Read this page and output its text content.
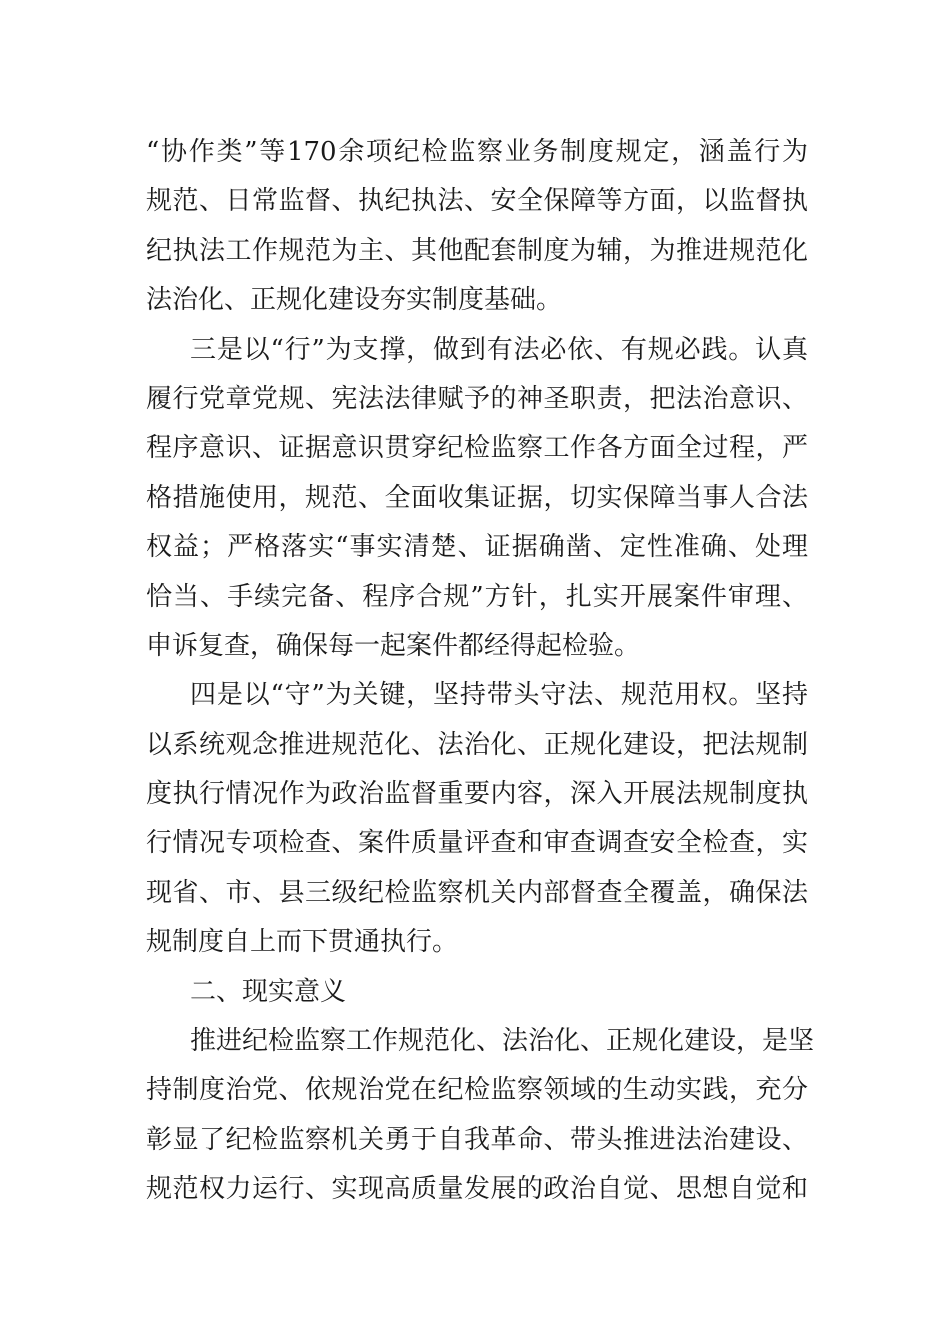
“协作类”等170余项纪检监察业务制度规定，涵盖行为
规范、日常监督、执纪执法、安全保障等方面，以监督执
纪执法工作规范为主、其他配套制度为辅，为推进规范化
法治化、正规化建设夯实制度基础。
三是以“行”为支撑，做到有法必依、有规必践。认真
履行党章党规、宪法法律赋予的神圣职责，把法治意识、
程序意识、证据意识贯穿纪检监察工作各方面全过程，严
格措施使用，规范、全面收集证据，切实保障当事人合法
权益；严格落实“事实清楚、证据确凿、定性准确、处理
恰当、手续完备、程序合规”方针，扎实开展案件审理、
申诉复查，确保每一起案件都经得起检验。
四是以“守”为关键，坚持带头守法、规范用权。坚持
以系统观念推进规范化、法治化、正规化建设，把法规制
度执行情况作为政治监督重要内容，深入开展法规制度执
行情况专项检查、案件质量评查和审查调查安全检查，实
现省、市、县三级纪检监察机关内部督查全覆盖，确保法
规制度自上而下贯通执行。
二、现实意义
推进纪检监察工作规范化、法治化、正规化建设，是坚
持制度治党、依规治党在纪检监察领域的生动实践，充分
彰显了纪检监察机关勇于自我革命、带头推进法治建设、
规范权力运行、实现高质量发展的政治自觉、思想自觉和
